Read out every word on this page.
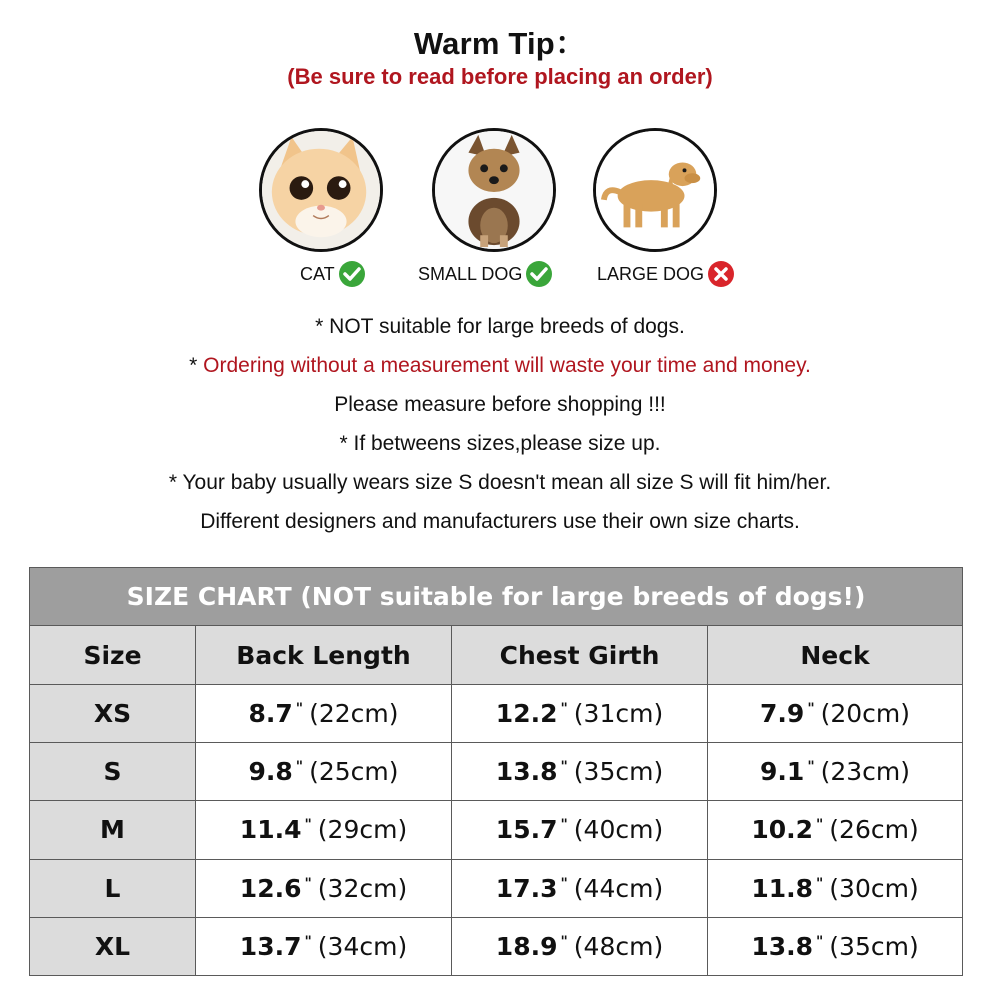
Warm Tip：
(Be sure to read before placing an order)
CAT	SMALL DOG	LARGE DOG
* NOT suitable for large breeds of dogs.
* Ordering without a measurement will waste your time and money.
Please measure before shopping !!!
* If betweens sizes,please size up.
* Your baby usually wears size S doesn't mean all size S will fit him/her.
Different designers and manufacturers use their own size charts.
SIZE CHART (NOT suitable for large breeds of dogs!)			
Size	Back Length	Chest Girth	Neck
XS	8.7 " (22cm)	12.2 " (31cm)	7.9 " (20cm)
S	9.8 " (25cm)	13.8 " (35cm)	9.1 " (23cm)
M	11.4 " (29cm)	15.7 " (40cm)	10.2 " (26cm)
L	12.6 " (32cm)	17.3 " (44cm)	11.8 " (30cm)
XL	13.7 " (34cm)	18.9 " (48cm)	13.8 " (35cm)
